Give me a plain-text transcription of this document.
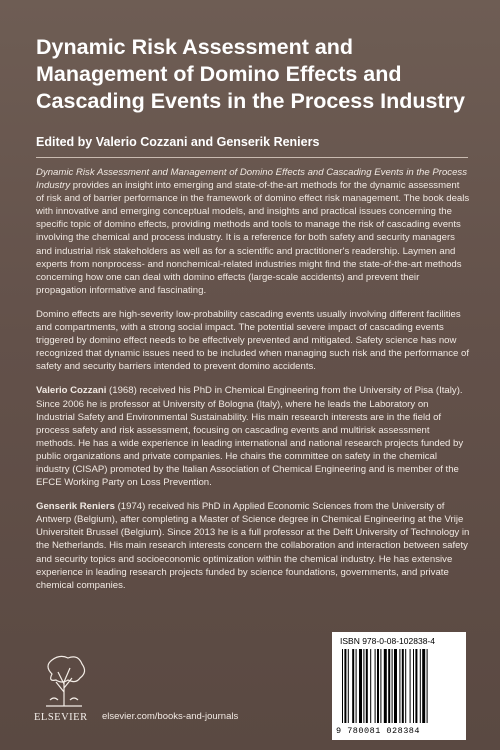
Dynamic Risk Assessment and Management of Domino Effects and Cascading Events in the Process Industry
Edited by Valerio Cozzani and Genserik Reniers

Dynamic Risk Assessment and Management of Domino Effects and Cascading Events in the Process Industry provides an insight into emerging and state-of-the-art methods for the dynamic assessment of risk and of barrier performance in the framework of domino effect risk management. The book deals with innovative and emerging conceptual models, and insights and practical issues concerning the specific topic of domino effects, providing methods and tools to manage the risk of cascading events involving the chemical and process industry. It is a reference for both safety and security managers and industrial risk stakeholders as well as for a scientific and practitioner's readership. Laymen and experts from nonprocess- and nonchemical-related industries might find the state-of-the-art methods concerning how one can deal with domino effects (large-scale accidents) and prevent their propagation informative and fascinating.

Domino effects are high-severity low-probability cascading events usually involving different facilities and compartments, with a strong social impact. The potential severe impact of cascading events triggered by domino effect needs to be effectively prevented and mitigated. Safety science has now recognized that dynamic issues need to be included when managing such risk and the performance of safety and security barriers intended to prevent domino accidents.

Valerio Cozzani (1968) received his PhD in Chemical Engineering from the University of Pisa (Italy). Since 2006 he is professor at University of Bologna (Italy), where he leads the Laboratory on Industrial Safety and Environmental Sustainability. His main research interests are in the field of process safety and risk assessment, focusing on cascading events and multirisk assessment methods. He has a wide experience in leading international and national research projects funded by public organizations and private companies. He chairs the committee on safety in the chemical industry (CISAP) promoted by the Italian Association of Chemical Engineering and is member of the EFCE Working Party on Loss Prevention.

Genserik Reniers (1974) received his PhD in Applied Economic Sciences from the University of Antwerp (Belgium), after completing a Master of Science degree in Chemical Engineering at the Vrije Universiteit Brussel (Belgium). Since 2013 he is a full professor at the Delft University of Technology in the Netherlands. His main research interests concern the collaboration and interaction between safety and security topics and socioeconomic optimization within the chemical industry. He has extensive experience in leading research projects funded by science foundations, governments, and private chemical companies.

ISBN 978-0-08-102838-4
9 780081 028384
ELSEVIER elsevier.com/books-and-journals
